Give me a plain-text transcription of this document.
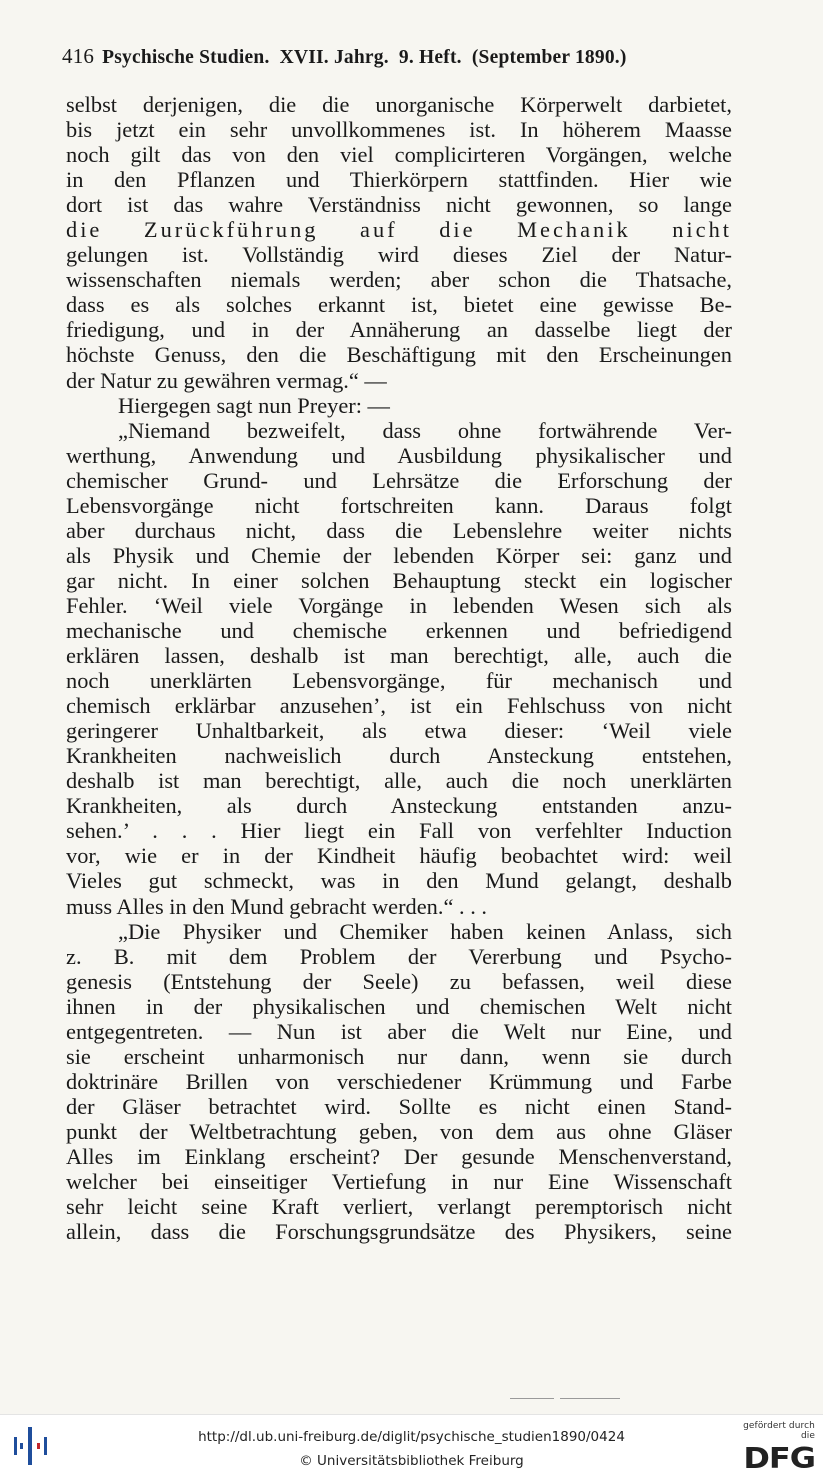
416 Psychische Studien.  XVII. Jahrg.  9. Heft.  (September 1890.)
selbst derjenigen, die die unorganische Körperwelt darbietet,
bis jetzt ein sehr unvollkommenes ist. In höherem Maasse
noch gilt das von den viel complicirteren Vorgängen, welche
in den Pflanzen und Thierkörpern stattfinden. Hier wie
dort ist das wahre Verständniss nicht gewonnen, so lange
die Zurückführung auf die Mechanik nicht
gelungen ist. Vollständig wird dieses Ziel der Natur-
wissenschaften niemals werden; aber schon die Thatsache,
dass es als solches erkannt ist, bietet eine gewisse Be-
friedigung, und in der Annäherung an dasselbe liegt der
höchste Genuss, den die Beschäftigung mit den Erscheinungen
der Natur zu gewähren vermag.“ —
Hiergegen sagt nun Preyer: —
„Niemand bezweifelt, dass ohne fortwährende Ver-
werthung, Anwendung und Ausbildung physikalischer und
chemischer Grund- und Lehrsätze die Erforschung der
Lebensvorgänge nicht fortschreiten kann. Daraus folgt
aber durchaus nicht, dass die Lebenslehre weiter nichts
als Physik und Chemie der lebenden Körper sei: ganz und
gar nicht. In einer solchen Behauptung steckt ein logischer
Fehler. ‘Weil viele Vorgänge in lebenden Wesen sich als
mechanische und chemische erkennen und befriedigend
erklären lassen, deshalb ist man berechtigt, alle, auch die
noch unerklärten Lebensvorgänge, für mechanisch und
chemisch erklärbar anzusehen’, ist ein Fehlschuss von nicht
geringerer Unhaltbarkeit, als etwa dieser: ‘Weil viele
Krankheiten nachweislich durch Ansteckung entstehen,
deshalb ist man berechtigt, alle, auch die noch unerklärten
Krankheiten, als durch Ansteckung entstanden anzu-
sehen.’ . . . Hier liegt ein Fall von verfehlter Induction
vor, wie er in der Kindheit häufig beobachtet wird: weil
Vieles gut schmeckt, was in den Mund gelangt, deshalb
muss Alles in den Mund gebracht werden.“ . . .
„Die Physiker und Chemiker haben keinen Anlass, sich
z. B. mit dem Problem der Vererbung und Psycho-
genesis (Entstehung der Seele) zu befassen, weil diese
ihnen in der physikalischen und chemischen Welt nicht
entgegentreten. — Nun ist aber die Welt nur Eine, und
sie erscheint unharmonisch nur dann, wenn sie durch
doktrinäre Brillen von verschiedener Krümmung und Farbe
der Gläser betrachtet wird. Sollte es nicht einen Stand-
punkt der Weltbetrachtung geben, von dem aus ohne Gläser
Alles im Einklang erscheint? Der gesunde Menschenverstand,
welcher bei einseitiger Vertiefung in nur Eine Wissenschaft
sehr leicht seine Kraft verliert, verlangt peremptorisch nicht
allein, dass die Forschungsgrundsätze des Physikers, seine
http://dl.ub.uni-freiburg.de/diglit/psychische_studien1890/0424
© Universitätsbibliothek Freiburg
gefördert durch die
DFG
